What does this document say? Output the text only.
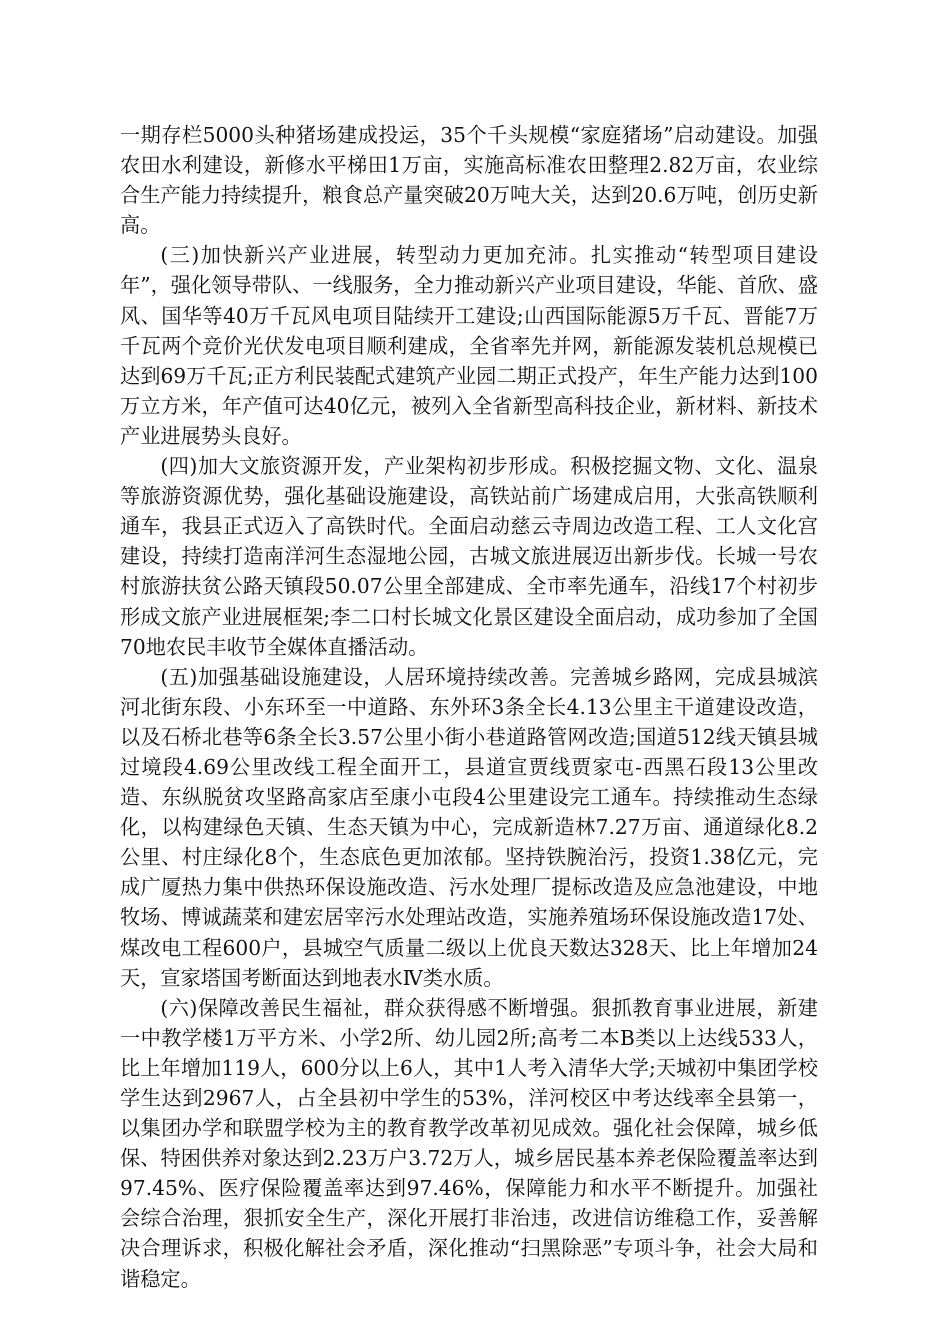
一期存栏5000头种猪场建成投运，35个千头规模“家庭猪场”启动建设。加强农田水利建设，新修水平梯田1万亩，实施高标准农田整理2.82万亩，农业综合生产能力持续提升，粮食总产量突破20万吨大关，达到20.6万吨，创历史新高。

(三)加快新兴产业进展，转型动力更加充沛。扎实推动“转型项目建设年”，强化领导带队、一线服务，全力推动新兴产业项目建设，华能、首欣、盛风、国华等40万千瓦风电项目陆续开工建设;山西国际能源5万千瓦、晋能7万千瓦两个竞价光伏发电项目顺利建成，全省率先并网，新能源发装机总规模已达到69万千瓦;正方利民装配式建筑产业园二期正式投产，年生产能力达到100万立方米，年产值可达40亿元，被列入全省新型高科技企业，新材料、新技术产业进展势头良好。

(四)加大文旅资源开发，产业架构初步形成。积极挖掘文物、文化、温泉等旅游资源优势，强化基础设施建设，高铁站前广场建成启用，大张高铁顺利通车，我县正式迈入了高铁时代。全面启动慈云寺周边改造工程、工人文化宫建设，持续打造南洋河生态湿地公园，古城文旅进展迈出新步伐。长城一号农村旅游扶贫公路天镇段50.07公里全部建成、全市率先通车，沿线17个村初步形成文旅产业进展框架;李二口村长城文化景区建设全面启动，成功参加了全国70地农民丰收节全媒体直播活动。

(五)加强基础设施建设，人居环境持续改善。完善城乡路网，完成县城滨河北街东段、小东环至一中道路、东外环3条全长4.13公里主干道建设改造，以及石桥北巷等6条全长3.57公里小街小巷道路管网改造;国道512线天镇县城过境段4.69公里改线工程全面开工，县道宣贾线贾家屯-西黑石段13公里改造、东纵脱贫攻坚路高家店至康小屯段4公里建设完工通车。持续推动生态绿化，以构建绿色天镇、生态天镇为中心，完成新造林7.27万亩、通道绿化8.2公里、村庄绿化8个，生态底色更加浓郁。坚持铁腕治污，投资1.38亿元，完成广厦热力集中供热环保设施改造、污水处理厂提标改造及应急池建设，中地牧场、博诚蔬菜和建宏居宰污水处理站改造，实施养殖场环保设施改造17处、煤改电工程600户，县城空气质量二级以上优良天数达328天、比上年增加24天，宣家塔国考断面达到地表水Ⅳ类水质。

(六)保障改善民生福祉，群众获得感不断增强。狠抓教育事业进展，新建一中教学楼1万平方米、小学2所、幼儿园2所;高考二本B类以上达线533人，比上年增加119人，600分以上6人，其中1人考入清华大学;天城初中集团学校学生达到2967人，占全县初中学生的53%，洋河校区中考达线率全县第一，以集团办学和联盟学校为主的教育教学改革初见成效。强化社会保障，城乡低保、特困供养对象达到2.23万户3.72万人，城乡居民基本养老保险覆盖率达到97.45%、医疗保险覆盖率达到97.46%，保障能力和水平不断提升。加强社会综合治理，狠抓安全生产，深化开展打非治违，改进信访维稳工作，妥善解决合理诉求，积极化解社会矛盾，深化推动“扫黑除恶”专项斗争，社会大局和谐稳定。
